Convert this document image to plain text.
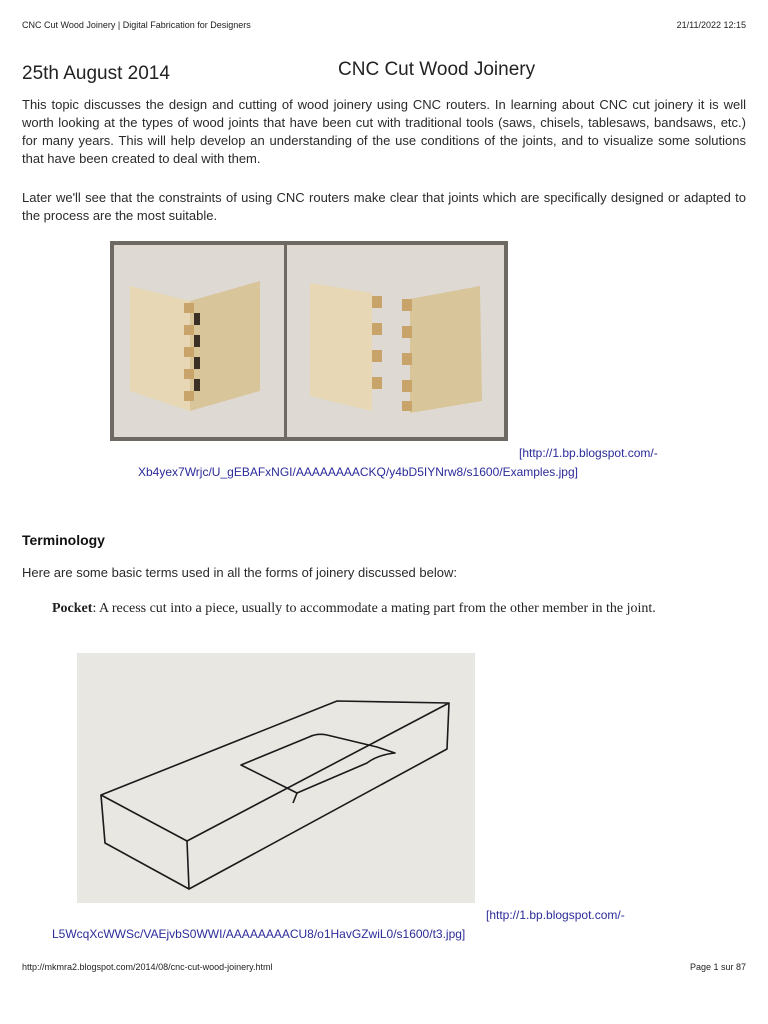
CNC Cut Wood Joinery | Digital Fabrication for Designers	21/11/2022 12:15
25th August 2014	CNC Cut Wood Joinery

This topic discusses the design and cutting of wood joinery using CNC routers. In learning about CNC cut joinery it is well worth looking at the types of wood joints that have been cut with traditional tools (saws, chisels, tablesaws, bandsaws, etc.) for many years. This will help develop an understanding of the use conditions of the joints, and to visualize some solutions that have been created to deal with them.

Later we'll see that the constraints of using CNC routers make clear that joints which are specifically designed or adapted to the process are the most suitable.

[http://1.bp.blogspot.com/-
Xb4yex7Wrjc/U_gEBAFxNGI/AAAAAAAACKQ/y4bD5IYNrw8/s1600/Examples.jpg]
Terminology

Here are some basic terms used in all the forms of joinery discussed below:

Pocket: A recess cut into a piece, usually to accommodate a mating part from the other member in the joint.

[http://1.bp.blogspot.com/-
L5WcqXcWWSc/VAEjvbS0WWI/AAAAAAAACU8/o1HavGZwiL0/s1600/t3.jpg]
http://mkmra2.blogspot.com/2014/08/cnc-cut-wood-joinery.html	Page 1 sur 87
